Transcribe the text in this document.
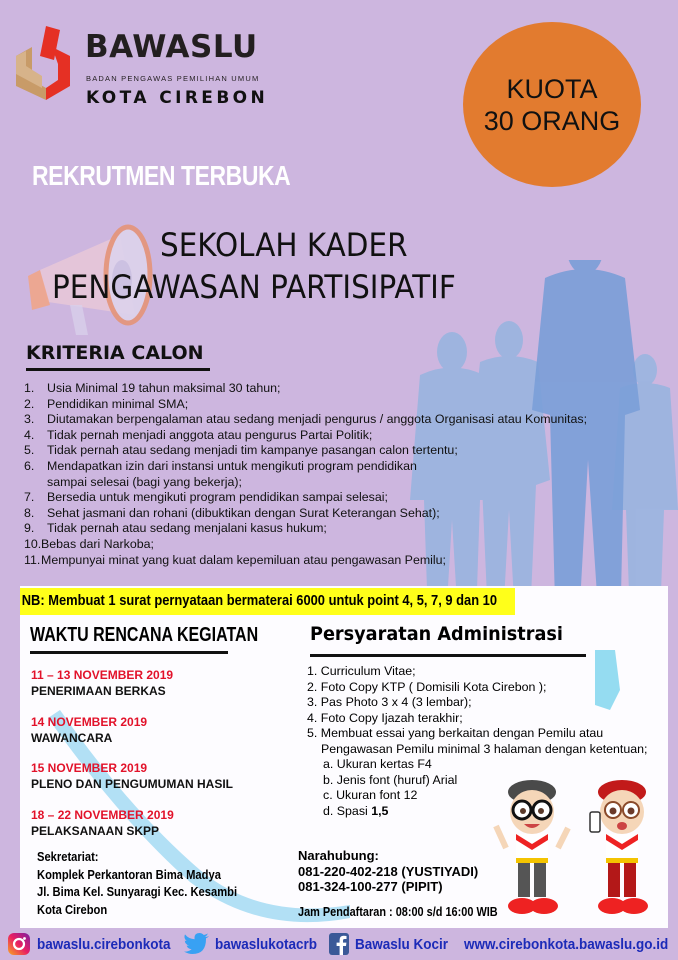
BAWASLU
BADAN PENGAWAS PEMILIHAN UMUM
KOTA CIREBON	KUOTA
30 ORANG
REKRUTMEN TERBUKA
SEKOLAH KADER
PENGAWASAN PARTISIPATIF
KRITERIA CALON
1.	Usia Minimal 19 tahun maksimal 30 tahun;
2.	Pendidikan minimal SMA;
3.	Diutamakan berpengalaman atau sedang menjadi pengurus / anggota Organisasi atau Komunitas;
4.	Tidak pernah menjadi anggota atau pengurus Partai Politik;
5.	Tidak pernah atau sedang menjadi tim kampanye pasangan calon tertentu;
6.	Mendapatkan izin dari instansi untuk mengikuti program pendidikan
sampai selesai (bagi yang bekerja);
7.	Bersedia untuk mengikuti program pendidikan sampai selesai;
8.	Sehat jasmani dan rohani (dibuktikan dengan Surat Keterangan Sehat);
9.	Tidak pernah atau sedang menjalani kasus hukum;
10. Bebas dari Narkoba;
11. Mempunyai minat yang kuat dalam kepemiluan atau pengawasan Pemilu;
NB: Membuat 1 surat pernyataan bermaterai 6000 untuk point 4, 5, 7, 9 dan 10
WAKTU RENCANA KEGIATAN
11 – 13 NOVEMBER 2019
PENERIMAAN BERKAS
14 NOVEMBER 2019
WAWANCARA
15 NOVEMBER 2019
PLENO DAN PENGUMUMAN HASIL
18 – 22 NOVEMBER 2019
PELAKSANAAN SKPP
Sekretariat:
Komplek Perkantoran Bima Madya
Jl. Bima Kel. Sunyaragi Kec. Kesambi
Kota Cirebon
Persyaratan Administrasi
1. Curriculum Vitae;
2. Foto Copy KTP ( Domisili Kota Cirebon );
3. Pas Photo 3 x 4 (3 lembar);
4. Foto Copy Ijazah terakhir;
5. Membuat essai yang berkaitan dengan Pemilu atau
Pengawasan Pemilu minimal 3 halaman dengan ketentuan;
a. Ukuran kertas F4
b. Jenis font (huruf) Arial
c. Ukuran font 12
d. Spasi 1,5
Narahubung:
081-220-402-218 (YUSTIYADI)
081-324-100-277 (PIPIT)
Jam Pendaftaran : 08:00 s/d 16:00 WIB
bawaslu.cirebonkota	bawaslukotacrb	Bawaslu Kocir www.cirebonkota.bawaslu.go.id
